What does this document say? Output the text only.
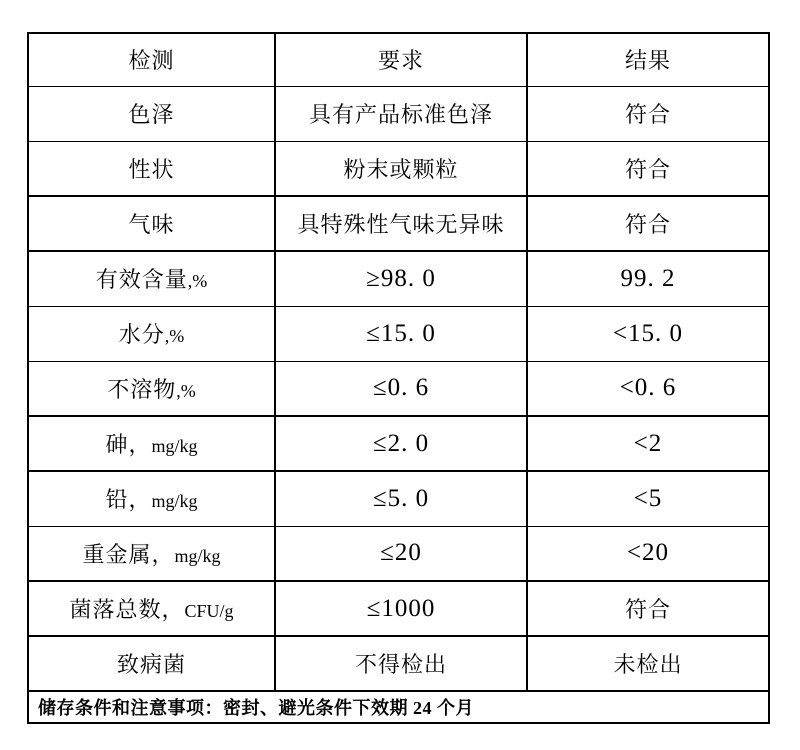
检测	要求	结果
色泽	具有产品标准色泽	符合
性状	粉末或颗粒	符合
气味	具特殊性气味无异味	符合
有效含量,%	≥98. 0	99. 2
水分,%	≤15. 0	<15. 0
不溶物,%	≤0. 6	<0. 6
砷，mg/kg	≤2. 0	<2
铅，mg/kg	≤5. 0	<5
重金属，mg/kg	≤20	<20
菌落总数，CFU/g	≤1000	符合
致病菌	不得检出	未检出
储存条件和注意事项：密封、避光条件下效期 24 个月		
